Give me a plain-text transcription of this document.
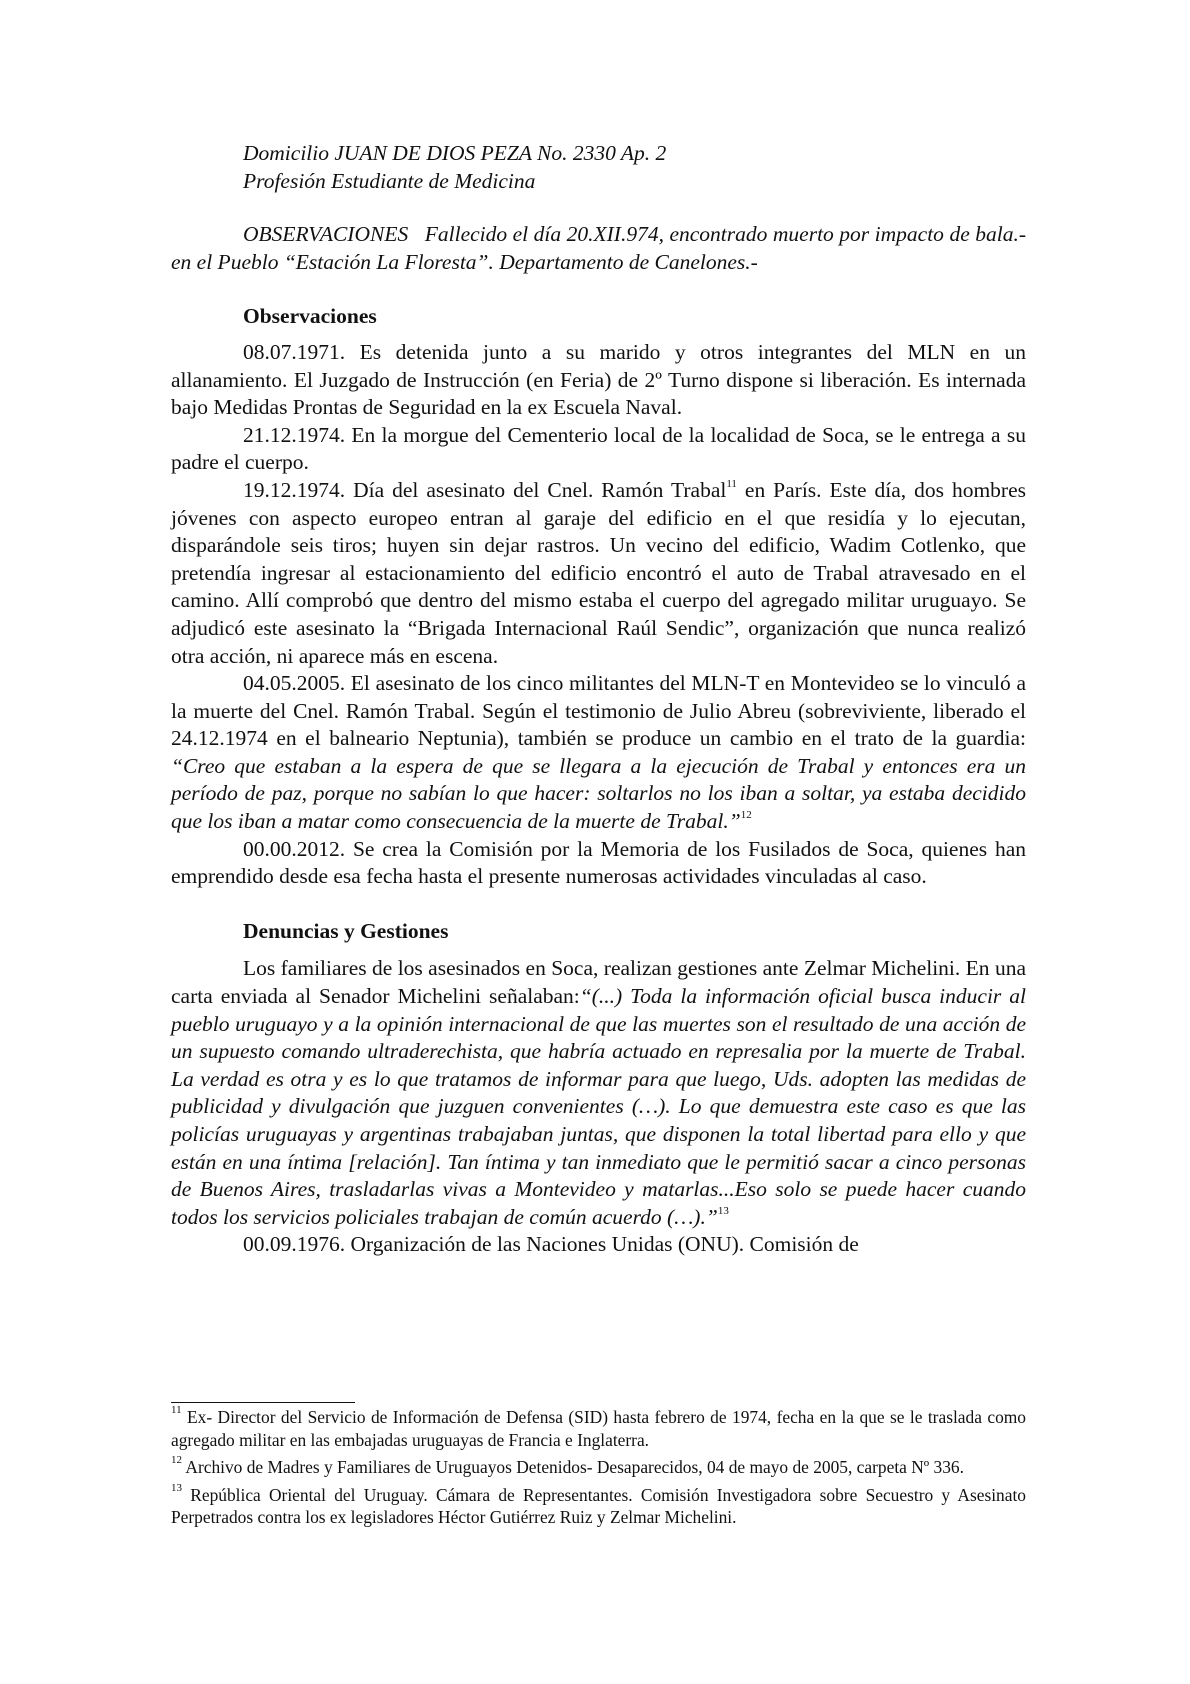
Domicilio JUAN DE DIOS PEZA No. 2330 Ap. 2

Profesión Estudiante de Medicina

OBSERVACIONES Fallecido el día 20.XII.974, encontrado muerto por impacto de bala.- en el Pueblo “Estación La Floresta”. Departamento de Canelones.-

Observaciones

08.07.1971. Es detenida junto a su marido y otros integrantes del MLN en un allanamiento. El Juzgado de Instrucción (en Feria) de 2º Turno dispone si liberación. Es internada bajo Medidas Prontas de Seguridad en la ex Escuela Naval.

21.12.1974. En la morgue del Cementerio local de la localidad de Soca, se le entrega a su padre el cuerpo.

19.12.1974. Día del asesinato del Cnel. Ramón Trabal$^{11}$ en París. Este día, dos hombres jóvenes con aspecto europeo entran al garaje del edificio en el que residía y lo ejecutan, disparándole seis tiros; huyen sin dejar rastros. Un vecino del edificio, Wadim Cotlenko, que pretendía ingresar al estacionamiento del edificio encontró el auto de Trabal atravesado en el camino. Allí comprobó que dentro del mismo estaba el cuerpo del agregado militar uruguayo. Se adjudicó este asesinato la “Brigada Internacional Raúl Sendic”, organización que nunca realizó otra acción, ni aparece más en escena.

04.05.2005. El asesinato de los cinco militantes del MLN-T en Montevideo se lo vinculó a la muerte del Cnel. Ramón Trabal. Según el testimonio de Julio Abreu (sobreviviente, liberado el 24.12.1974 en el balneario Neptunia), también se produce un cambio en el trato de la guardia: “Creo que estaban a la espera de que se llegara a la ejecución de Trabal y entonces era un período de paz, porque no sabían lo que hacer: soltarlos no los iban a soltar, ya estaba decidido que los iban a matar como consecuencia de la muerte de Trabal.”$^{12}$

00.00.2012. Se crea la Comisión por la Memoria de los Fusilados de Soca, quienes han emprendido desde esa fecha hasta el presente numerosas actividades vinculadas al caso.

Denuncias y Gestiones

Los familiares de los asesinados en Soca, realizan gestiones ante Zelmar Michelini. En una carta enviada al Senador Michelini señalaban:“(...) Toda la información oficial busca inducir al pueblo uruguayo y a la opinión internacional de que las muertes son el resultado de una acción de un supuesto comando ultraderechista, que habría actuado en represalia por la muerte de Trabal. La verdad es otra y es lo que tratamos de informar para que luego, Uds. adopten las medidas de publicidad y divulgación que juzguen convenientes (…). Lo que demuestra este caso es que las policías uruguayas y argentinas trabajaban juntas, que disponen la total libertad para ello y que están en una íntima [relación]. Tan íntima y tan inmediato que le permitió sacar a cinco personas de Buenos Aires, trasladarlas vivas a Montevideo y matarlas...Eso solo se puede hacer cuando todos los servicios policiales trabajan de común acuerdo (…).”$^{13}$

00.09.1976. Organización de las Naciones Unidas (ONU). Comisión de

$^{11}$ Ex- Director del Servicio de Información de Defensa (SID) hasta febrero de 1974, fecha en la que se le traslada como agregado militar en las embajadas uruguayas de Francia e Inglaterra.

$^{12}$ Archivo de Madres y Familiares de Uruguayos Detenidos- Desaparecidos, 04 de mayo de 2005, carpeta Nº 336.

$^{13}$ República Oriental del Uruguay. Cámara de Representantes. Comisión Investigadora sobre Secuestro y Asesinato Perpetrados contra los ex legisladores Héctor Gutiérrez Ruiz y Zelmar Michelini.
